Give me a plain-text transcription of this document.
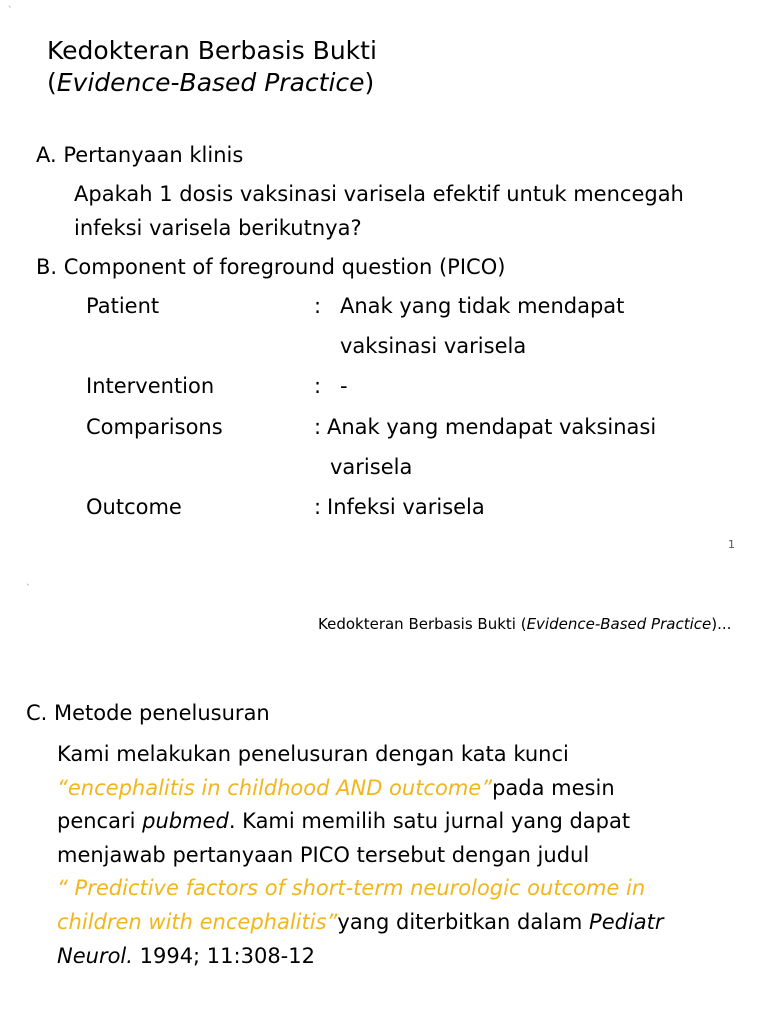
`
Kedokteran Berbasis Bukti
(Evidence-Based Practice)
A. Pertanyaan klinis
Apakah 1 dosis vaksinasi varisela efektif untuk mencegah
infeksi varisela berikutnya?
B. Component of foreground question (PICO)
Patient	: Anak yang tidak mendapat
vaksinasi varisela
Intervention	: -
Comparisons	: Anak yang mendapat vaksinasi
varisela
Outcome	: Infeksi varisela
1
`
Kedokteran Berbasis Bukti (Evidence-Based Practice)...
C. Metode penelusuran
Kami melakukan penelusuran dengan kata kunci
“encephalitis in childhood AND outcome”pada mesin
pencari pubmed. Kami memilih satu jurnal yang dapat
menjawab pertanyaan PICO tersebut dengan judul
“ Predictive factors of short-term neurologic outcome in
children with encephalitis”yang diterbitkan dalam Pediatr
Neurol. 1994; 11:308-12
